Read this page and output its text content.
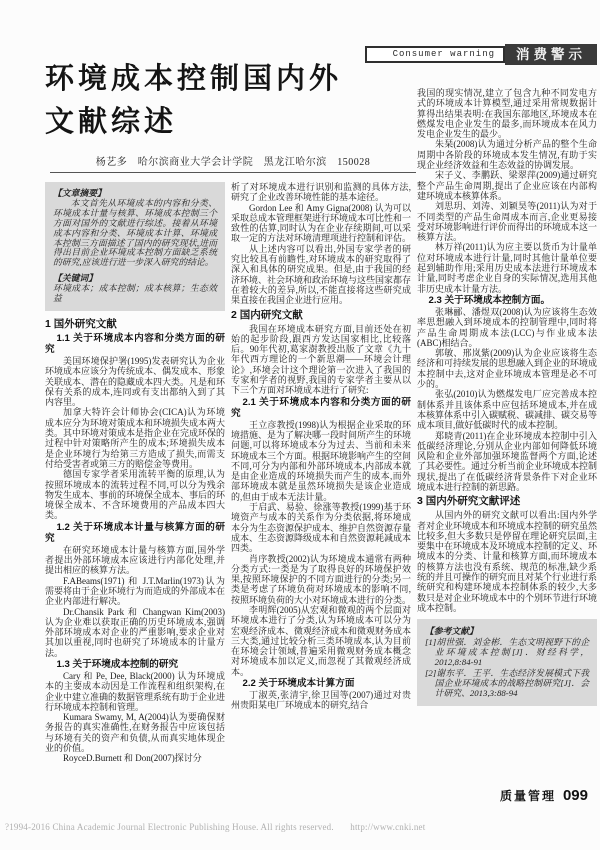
Consumer warning	消费警示
环境成本控制国内外
文献综述
杨艺多　哈尔滨商业大学会计学院　黑龙江哈尔滨　150028

【文章摘要】

本文首先从环境成本的内容和分类、环境成本计量与核算、环境成本控制三个方面对国外的文献进行综述。接着从环境成本内容和分类、环境成本计算、环境成本控制三方面描述了国内的研究现状,进而得出目前企业环境成本控制方面缺乏系统的研究,应该进行进一步深入研究的结论。

【关键词】

环境成本；成本控制；成本核算；生态效益

1 国外研究文献
1.1 关于环境成本内容和分类方面的研究
美国环境保护署(1995)发表研究认为企业环境成本应该分为传统成本、偶发成本、形象关联成本、潜在的隐藏成本四大类。凡是和环保有关系的成本,连同或有支出都纳入到了其内容里。
加拿大特许会计师协会(CICA)认为环境成本应分为环境对策成本和环境损失成本两大类。其中环境对策成本是指企业在完成环保的过程中针对策略所产生的成本;环境损失成本是企业环境行为给第三方造成了损失,而需支付给受害者或第三方的赔偿金等费用。
德国专家学者采用流转平衡的原理,认为按照环境成本的流转过程不同,可以分为残余物发生成本、事前的环境保全成本、事后的环境保全成本、不含环境费用的产品成本四大类。
1.2 关于环境成本计量与核算方面的研究
在研究环境成本计量与核算方面,国外学者提出外部环境成本应该进行内部化处理,并提出相应的核算方法。
F.ABeams(1971) 和 J.T.Marlin(1973)认为需要将由于企业环境行为而造成的外部成本在企业内部进行解决。
Dr.Chansik Park 和 Changwan Kim(2003)认为企业难以获取正确的历史环境成本,强调外部环境成本对企业的严重影响,要求企业对其加以重视,同时也研究了环境成本的计量方法。
1.3 关于环境成本控制的研究
Cary 和 Pe, Dee, Black(2000) 认为环境成本的主要成本动因是工作流程和组织架构,在企业中建立准确的数据管理系统有助于企业进行环境成本控制和管理。
Kumara Swamy, M, A(2004)认为要确保财务报告的真实准确性,在财务报告中应该包括与环境有关的资产和负债,从而真实地体现企业的价值。
RoyceD.Burnett 和 Don(2007)探讨分
析了对环境成本进行识别和监测的具体方法,研究了企业改善环境性能的基本途径。
Gordon Lee 和 Amy Gigna(2008) 认为可以采取总成本管理框架进行环境成本可比性和一致性的估算,同时认为在企业存续期间,可以采取一定的方法对环境清理项进行控制和评估。
从上述内容可以看出,外国专家学者的研究比较具有前瞻性,对环境成本的研究取得了深入和具体的研究成果。但是,由于我国的经济环境、社会环境和政治环境与这些国家都存在着较大的差异,所以,不能直接将这些研究成果直接在我国企业进行应用。
2 国内研究文献
我国在环境成本研究方面,目前还处在初始的起步阶段,跟西方发达国家相比,比较落后。90年代初,葛家澍教授出版了文章《九十年代西方理论的一个新思潮——环境会计理论》,环境会计这个理论第一次进入了我国的专家和学者的视野,我国的专家学者主要从以下三个方面对环境成本进行了研究:
2.1 关于环境成本内容和分类方面的研究
王立彦教授(1998)认为根据企业采取的环境措施、是为了解决哪一段时间所产生的环境问题,可以将环境成本分为过去、当前和未来环境成本三个方面。根据环境影响产生的空间不同,可分为内部和外部环境成本,内部成本就是由企业造成的环境损失而产生的成本,而外部环境成本就是虽然环境损失是该企业造成的,但由于成本无法计量。
于启武、易验、徐涨等教授(1999)基于环境资产与成本的关系作为分类依据,将环境成本分为生态资源保护成本、维护自然资源存量成本、生态资源降级成本和自然资源耗减成本四类。
肖序教授(2002)认为环境成本通常有两种分类方式:一类是为了取得良好的环境保护效果,按照环境保护的不同方面进行的分类;另一类是考虑了环境负荷对环境成本的影响不同,按照环境负荷的大小对环境成本进行的分类。
李明辉(2005)从宏观和微观的两个层面对环境成本进行了分类,认为环境成本可以分为宏观经济成本、微观经济成本和微观财务成本三大类,通过比较分析三类环境成本,认为目前在环境会计领域,普遍采用微观财务成本概念对环境成本加以定义,而忽视了其微观经济成本。
2.2 关于环境成本计算方面
丁淑英,张清宇,徐卫国等(2007)通过对贵州贵阳某电厂环境成本的研究,结合
我国的现实情况,建立了包含九种不同发电方式的环境成本计算模型,通过采用常规数据计算得出结果表明:在我国东部地区,环境成本在燃煤发电企业发生的最多,而环境成本在风力发电企业发生的最少。
朱琹(2008)认为通过分析产品的整个生命周期中各阶段的环境成本发生情况,有助于实现企业经济效益和生态效益的协调发展。
宋子义、李鹏跃、梁翠萍(2009)通过研究整个产品生命周期,提出了企业应该在内部构建环境成本核算体系。
刘思玥、刘涛、刘颖昊等(2011)认为对于不同类型的产品生命周成本而言,企业更易接受对环境影响进行评价而得出的环境成本这一核算方法。
林万祥(2011)认为应主要以货币为计量单位对环境成本进行计量,同时其他计量单位要起到辅助作用;采用历史成本法进行环境成本计量,同时考虑企业自身的实际情况,选用其他非历史成本计量方法。
2.3 关于环境成本控制方面。
张琳郦、潘煜双(2008)认为应该将生态效率思想融入到环境成本的控制管理中,同时将产品生命周期成本法(LCC)与作业成本法(ABC)相结合。
郭敏、邢岚紫(2009)认为企业应该将生态经济和可持续发展的思想融入到企业的环境成本控制中去,这对企业环境成本管理是必不可少的。
张弘(2010)认为燃煤发电厂应完善成本控制体系并且该体系中应包括环境成本,并在成本核算体系中引入碳赋税、碳减排、碳交易等成本项目,做好低碳时代的成本控制。
郑晓青(2011)在企业环境成本控制中引入低碳经济理论,分别从企业内部如何降低环境风险和企业外部加强环境监督两个方面,论述了其必要性。通过分析当前企业环境成本控制现状,提出了在低碳经济背景条件下对企业环境成本进行控制的新思路。
3 国内外研究文献评述
从国内外的研究文献可以看出:国内外学者对企业环境成本和环境成本控制的研究虽然比较多,但大多数只是停留在理论研究层面,主要集中在环境成本及环境成本控制的定义、环境成本的分类、计量和核算方面,而环境成本的核算方法也没有系统、规范的标准,缺少系统的并且可操作的研究而且对某个行业进行系统研究和构建环境成本控制体系的较少,大多数只是对企业环境成本中的个别环节进行环境成本控制。

【参考文献】

[1]胡世强．刘金彬．生态文明视野下的企业环境成本控制[J]．财经科学，2012,8:84-91
[2]谢东平．王平．生态经济发展模式下我国企业环境成本的战略控制研究[J]．会计研究、2013,3:88-94
质量管理 099
?1994-2016 China Academic Journal Electronic Publishing House. All rights reserved. http://www.cnki.net
